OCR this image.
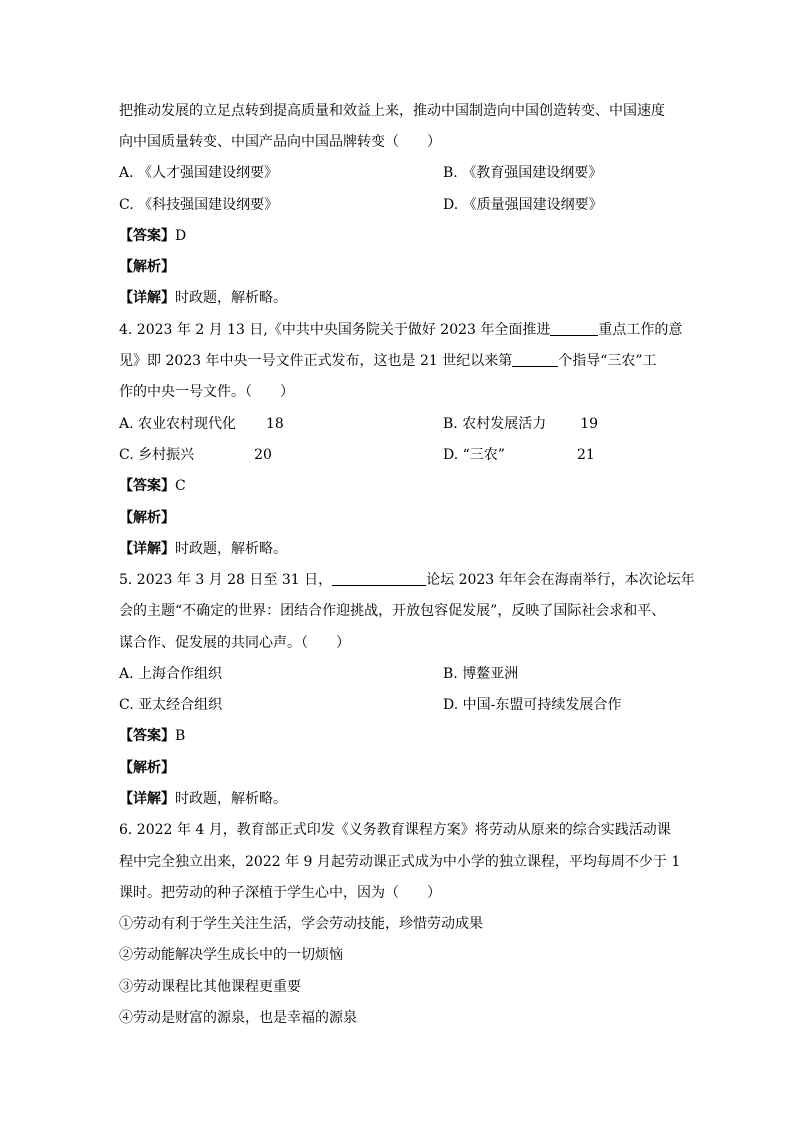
把推动发展的立足点转到提高质量和效益上来，推动中国制造向中国创造转变、中国速度
向中国质量转变、中国产品向中国品牌转变（　　）
A. 《人才强国建设纲要》	B. 《教育强国建设纲要》
C. 《科技强国建设纲要》	D. 《质量强国建设纲要》
【答案】D
【解析】
【详解】时政题，解析略。
4. 2023 年 2 月 13 日,《中共中央国务院关于做好 2023 年全面推进	重点工作的意
见》即 2023 年中央一号文件正式发布，这也是 21 世纪以来第	个指导“三农”工
作的中央一号文件。（　　）
A. 农业农村现代化 18	B. 农村发展活力 19
C. 乡村振兴	20	D. “三农”	21
【答案】C
【解析】
【详解】时政题，解析略。
5. 2023 年 3 月 28 日至 31 日，	论坛 2023 年年会在海南举行，本次论坛年
会的主题“不确定的世界：团结合作迎挑战，开放包容促发展”，反映了国际社会求和平、
谋合作、促发展的共同心声。（　　）
A. 上海合作组织	B. 博鳌亚洲
C. 亚太经合组织	D. 中国-东盟可持续发展合作
【答案】B
【解析】
【详解】时政题，解析略。
6. 2022 年 4 月，教育部正式印发《义务教育课程方案》将劳动从原来的综合实践活动课
程中完全独立出来，2022 年 9 月起劳动课正式成为中小学的独立课程，平均每周不少于 1
课时。把劳动的种子深植于学生心中，因为（　　）
①劳动有利于学生关注生活，学会劳动技能，珍惜劳动成果
②劳动能解决学生成长中的一切烦恼
③劳动课程比其他课程更重要
④劳动是财富的源泉，也是幸福的源泉
